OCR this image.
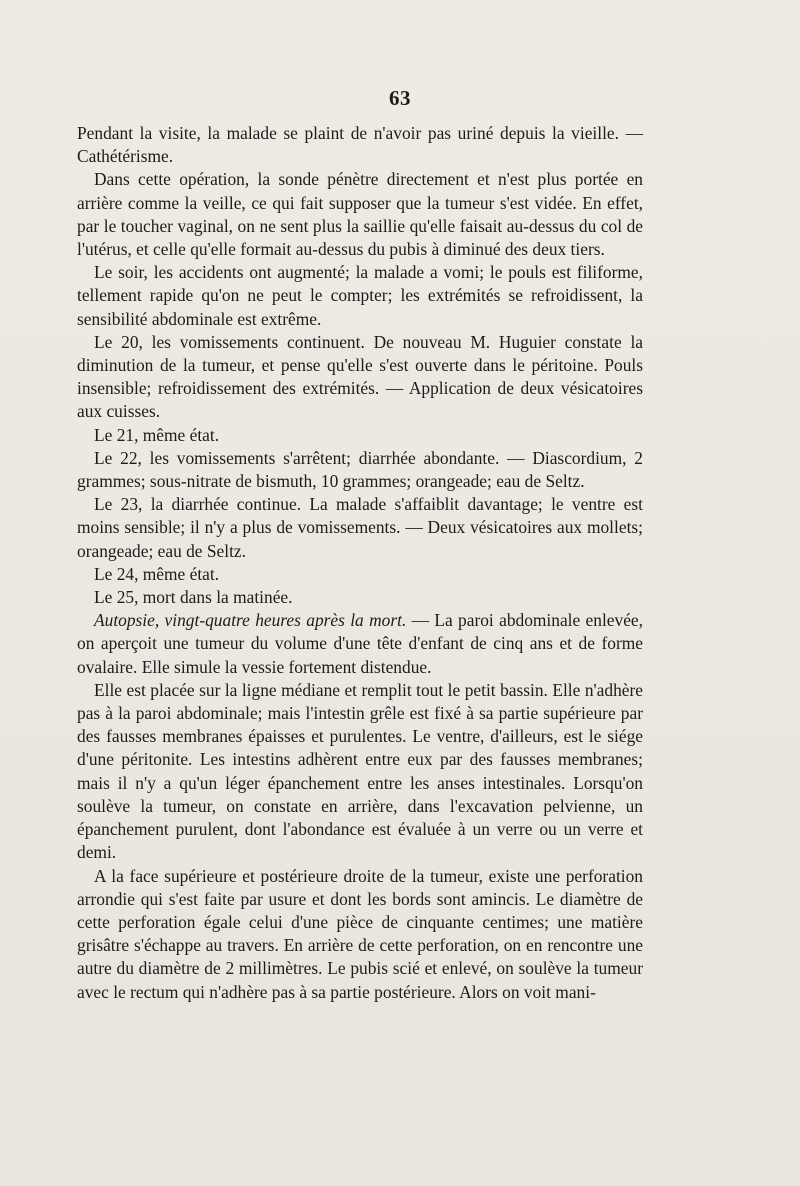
63

Pendant la visite, la malade se plaint de n'avoir pas uriné depuis la vieille. — Cathétérisme.

Dans cette opération, la sonde pénètre directement et n'est plus portée en arrière comme la veille, ce qui fait supposer que la tumeur s'est vidée. En effet, par le toucher vaginal, on ne sent plus la saillie qu'elle faisait au-dessus du col de l'utérus, et celle qu'elle formait au-dessus du pubis à diminué des deux tiers.

Le soir, les accidents ont augmenté; la malade a vomi; le pouls est filiforme, tellement rapide qu'on ne peut le compter; les extrémités se refroidissent, la sensibilité abdominale est extrême.

Le 20, les vomissements continuent. De nouveau M. Huguier constate la diminution de la tumeur, et pense qu'elle s'est ouverte dans le péritoine. Pouls insensible; refroidissement des extrémités. — Application de deux vésicatoires aux cuisses.

Le 21, même état.

Le 22, les vomissements s'arrêtent; diarrhée abondante. — Diascordium, 2 grammes; sous-nitrate de bismuth, 10 grammes; orangeade; eau de Seltz.

Le 23, la diarrhée continue. La malade s'affaiblit davantage; le ventre est moins sensible; il n'y a plus de vomissements. — Deux vésicatoires aux mollets; orangeade; eau de Seltz.

Le 24, même état.

Le 25, mort dans la matinée.

Autopsie, vingt-quatre heures après la mort. — La paroi abdominale enlevée, on aperçoit une tumeur du volume d'une tête d'enfant de cinq ans et de forme ovalaire. Elle simule la vessie fortement distendue.

Elle est placée sur la ligne médiane et remplit tout le petit bassin. Elle n'adhère pas à la paroi abdominale; mais l'intestin grêle est fixé à sa partie supérieure par des fausses membranes épaisses et purulentes. Le ventre, d'ailleurs, est le siége d'une péritonite. Les intestins adhèrent entre eux par des fausses membranes; mais il n'y a qu'un léger épanchement entre les anses intestinales. Lorsqu'on soulève la tumeur, on constate en arrière, dans l'excavation pelvienne, un épanchement purulent, dont l'abondance est évaluée à un verre ou un verre et demi.

A la face supérieure et postérieure droite de la tumeur, existe une perforation arrondie qui s'est faite par usure et dont les bords sont amincis. Le diamètre de cette perforation égale celui d'une pièce de cinquante centimes; une matière grisâtre s'échappe au travers. En arrière de cette perforation, on en rencontre une autre du diamètre de 2 millimètres. Le pubis scié et enlevé, on soulève la tumeur avec le rectum qui n'adhère pas à sa partie postérieure. Alors on voit mani-
